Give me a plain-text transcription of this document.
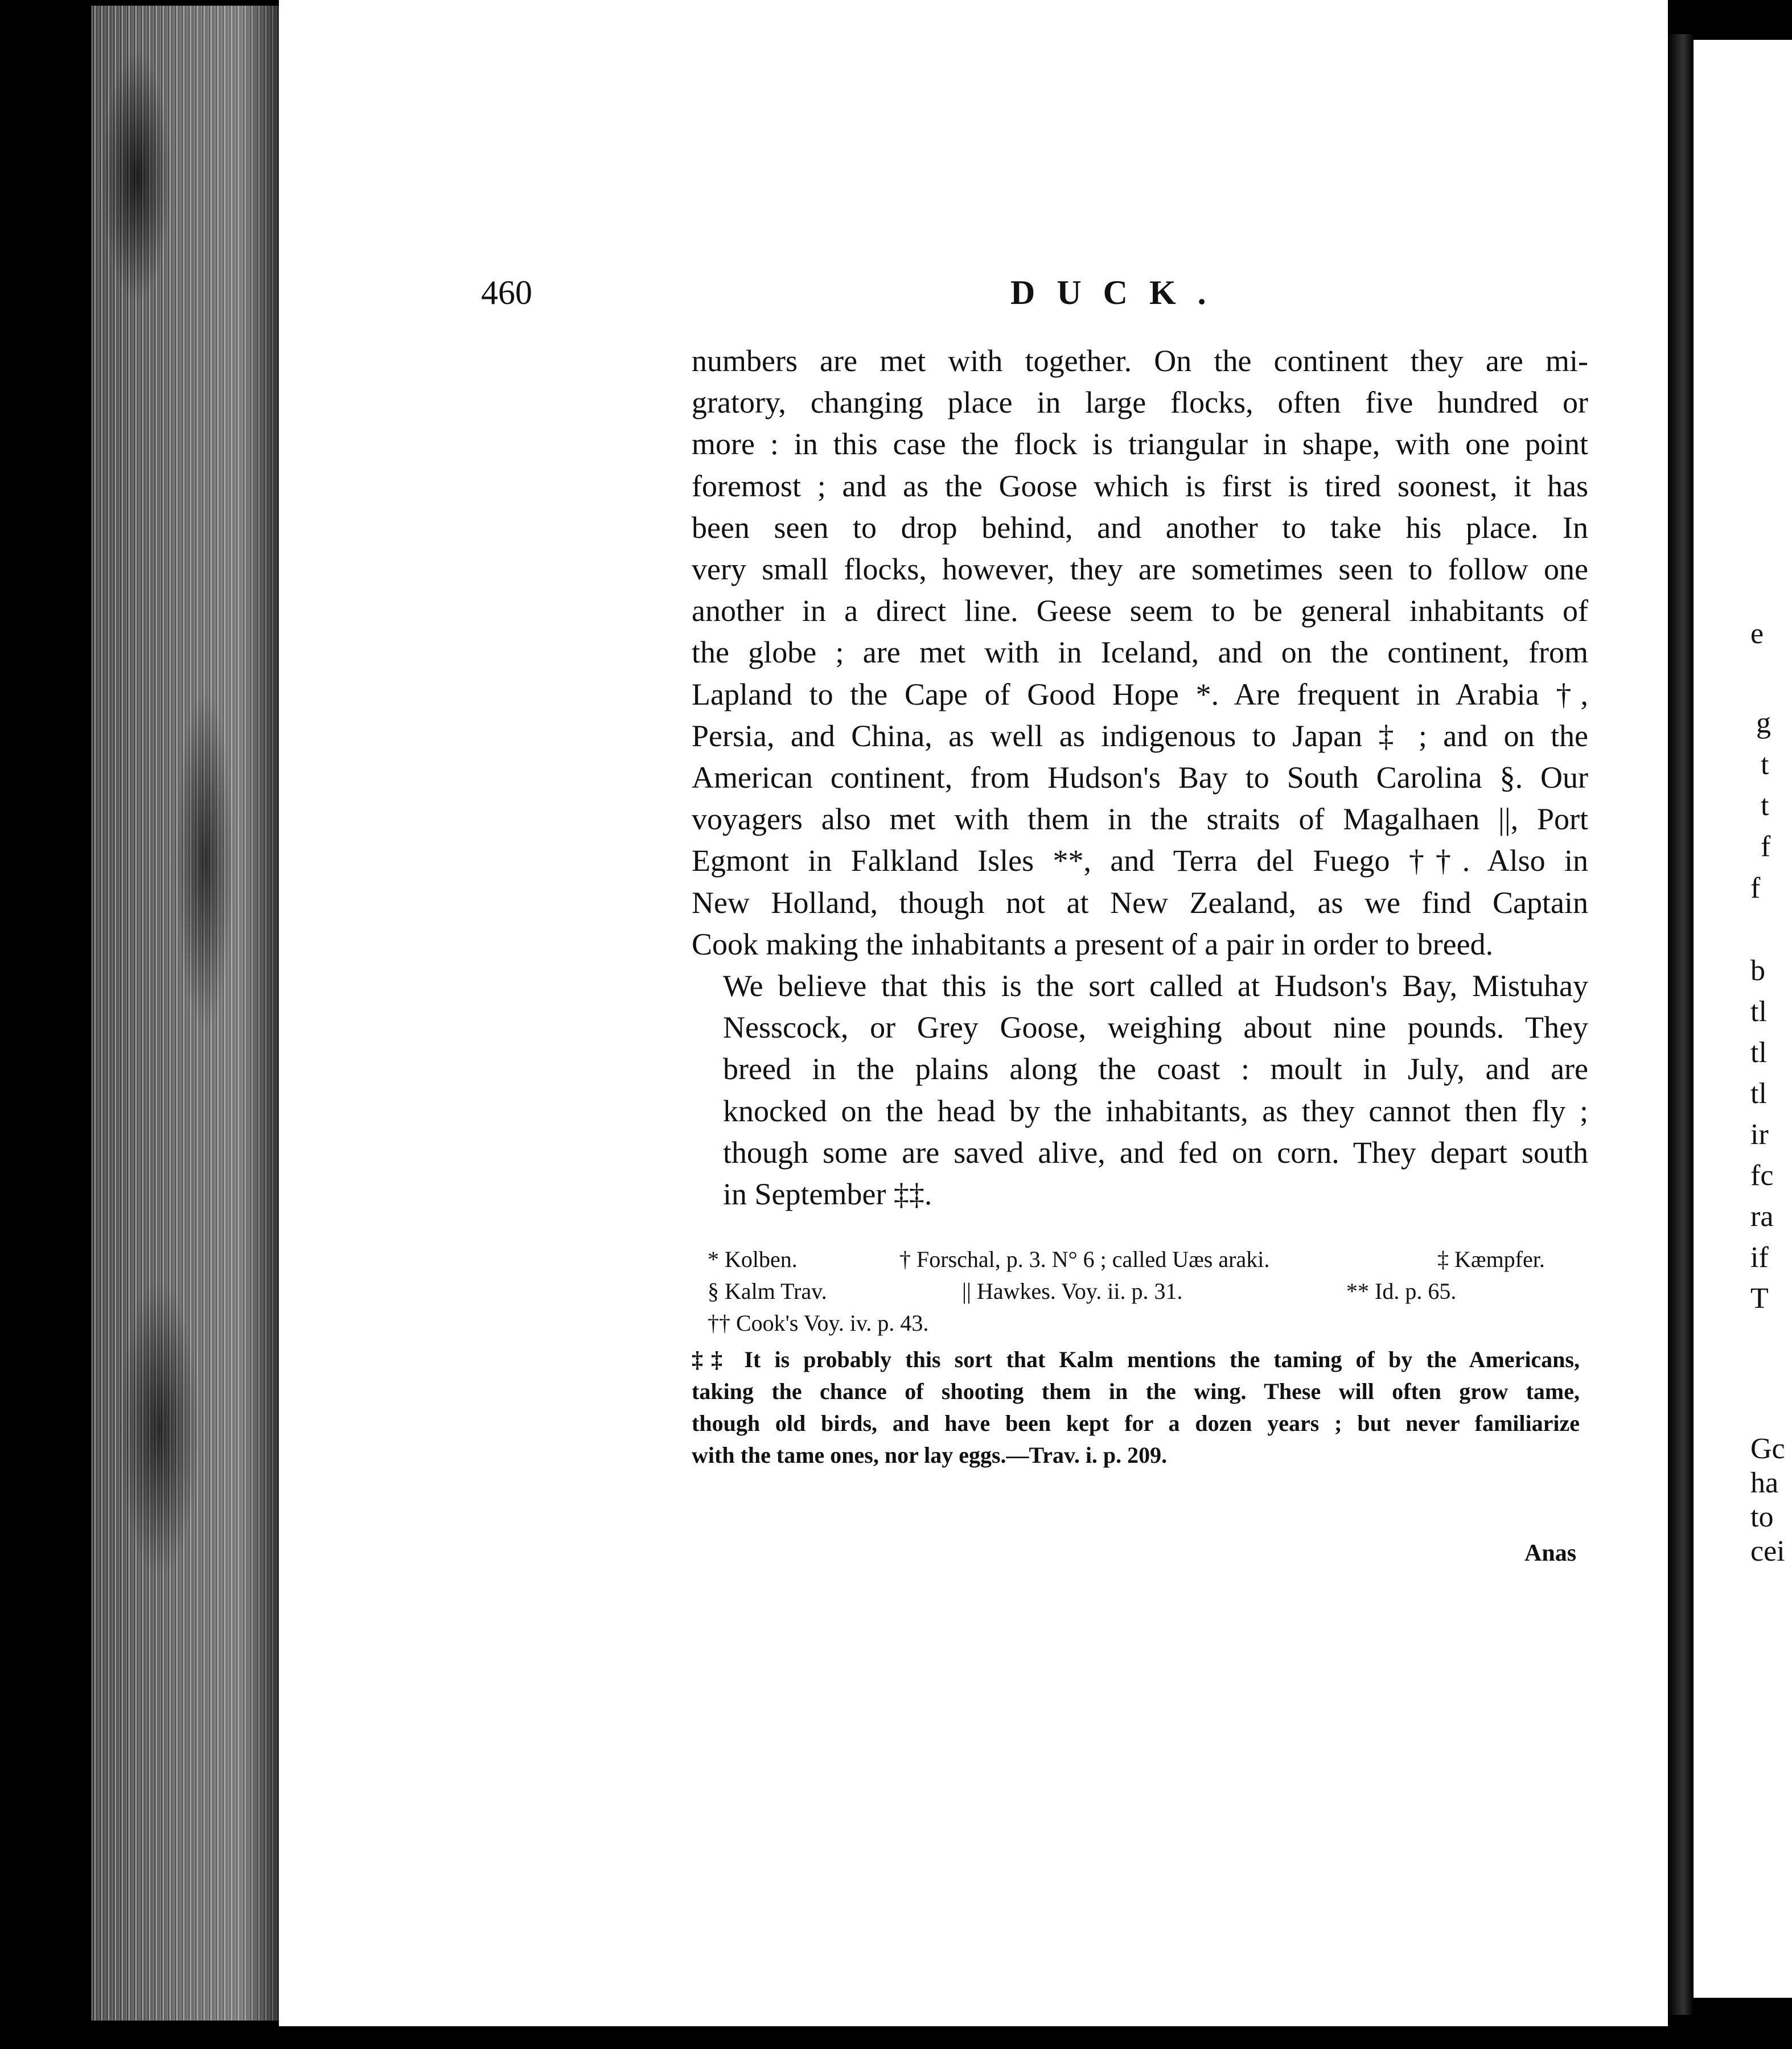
e
g
t
t
f
f
b
tl
tl
tl
ir
fc
ra
if
T
Gc
ha
to
cei
460	DUCK.

numbers are met with together. On the continent they are mi-
gratory, changing place in large flocks, often five hundred or
more : in this case the flock is triangular in shape, with one point
foremost ; and as the Goose which is first is tired soonest, it has
been seen to drop behind, and another to take his place. In
very small flocks, however, they are sometimes seen to follow one
another in a direct line. Geese seem to be general inhabitants of
the globe ; are met with in Iceland, and on the continent, from
Lapland to the Cape of Good Hope *. Are frequent in Arabia †,
Persia, and China, as well as indigenous to Japan ‡ ; and on the
American continent, from Hudson's Bay to South Carolina §. Our
voyagers also met with them in the straits of Magalhaen ||, Port
Egmont in Falkland Isles **, and Terra del Fuego ††. Also in
New Holland, though not at New Zealand, as we find Captain
Cook making the inhabitants a present of a pair in order to breed.

We believe that this is the sort called at Hudson's Bay, Mistuhay
Nesscock, or Grey Goose, weighing about nine pounds. They
breed in the plains along the coast : moult in July, and are
knocked on the head by the inhabitants, as they cannot then fly ;
though some are saved alive, and fed on corn. They depart south
in September ‡‡.

* Kolben.	† Forschal, p. 3. N° 6 ; called Uæs araki.	‡ Kæmpfer.
§ Kalm Trav.	|| Hawkes. Voy. ii. p. 31.	** Id. p. 65.
†† Cook's Voy. iv. p. 43.
‡‡ It is probably this sort that Kalm mentions the taming of by the Americans,
taking the chance of shooting them in the wing. These will often grow tame,
though old birds, and have been kept for a dozen years ; but never familiarize
with the tame ones, nor lay eggs.—Trav. i. p. 209.
Anas
